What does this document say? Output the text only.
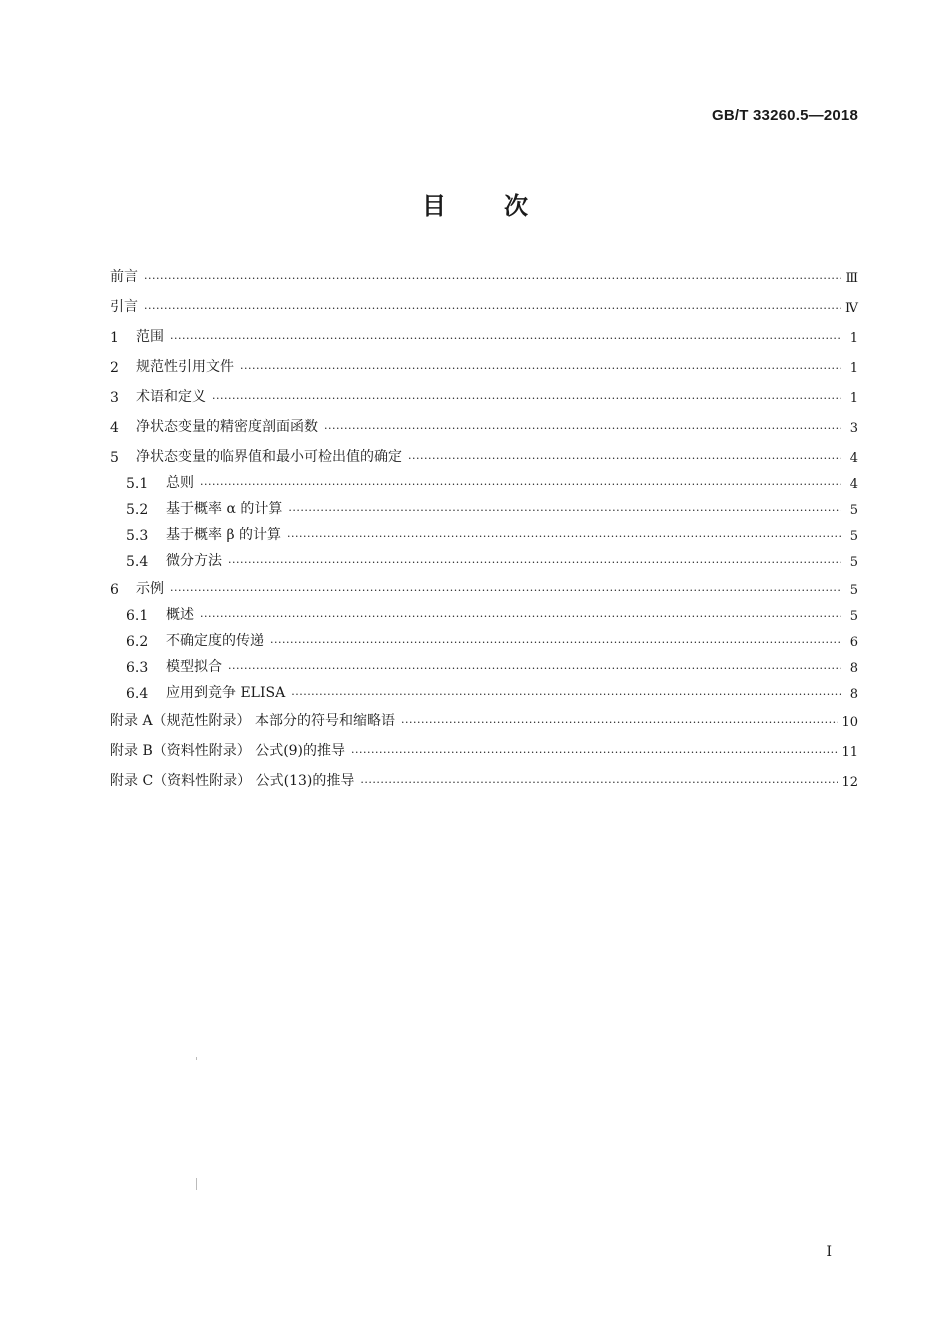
GB/T 33260.5—2018
目 次
前言 ·····	Ⅲ
引言 ·····	Ⅳ
1	范围 ·····	1
2	规范性引用文件 ·····	1
3	术语和定义 ·····	1
4	净状态变量的精密度剖面函数 ·····	3
5	净状态变量的临界值和最小可检出值的确定 ·····	4
5.1	总则 ·····	4
5.2	基于概率 α 的计算 ·····	5
5.3	基于概率 β 的计算 ·····	5
5.4	微分方法 ·····	5
6	示例 ·····	5
6.1	概述 ·····	5
6.2	不确定度的传递 ·····	6
6.3	模型拟合 ·····	8
6.4	应用到竞争 ELISA ·····	8
附录 A（规范性附录） 本部分的符号和缩略语 ·····	10
附录 B（资料性附录） 公式(9)的推导 ·····	11
附录 C（资料性附录） 公式(13)的推导 ·····	12
I
